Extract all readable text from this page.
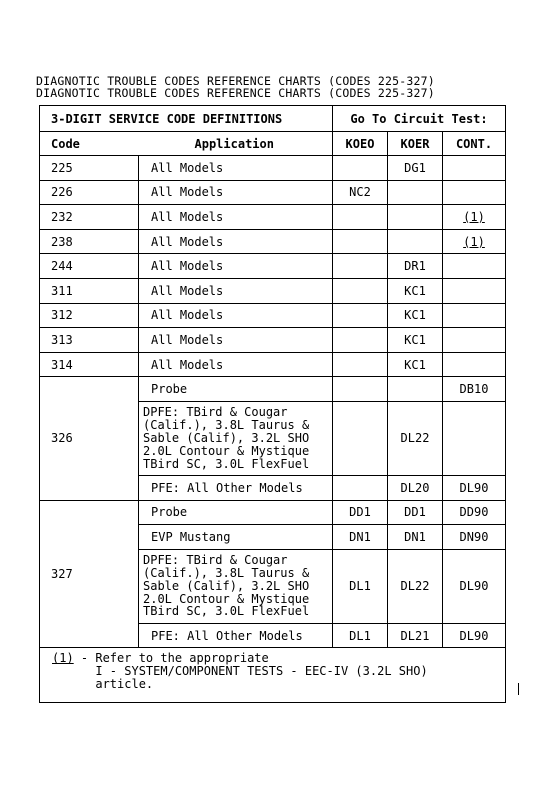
DIAGNOTIC TROUBLE CODES REFERENCE CHARTS (CODES 225-327)
DIAGNOTIC TROUBLE CODES REFERENCE CHARTS (CODES 225-327)
3-DIGIT SERVICE CODE DEFINITIONS		Go To Circuit Test:		
Code	Application	KOEO	KOER	CONT.
225	All Models		DG1	
226	All Models	NC2		
232	All Models			(1)
238	All Models			(1)
244	All Models		DR1	
311	All Models		KC1	
312	All Models		KC1	
313	All Models		KC1	
314	All Models		KC1	
326	Probe			DB10
	DPFE: TBird & Cougar
(Calif.), 3.8L Taurus &
Sable (Calif), 3.2L SHO
2.0L Contour & Mystique
TBird SC, 3.0L FlexFuel		DL22	
	PFE: All Other Models		DL20	DL90
327	Probe	DD1	DD1	DD90
	EVP Mustang	DN1	DN1	DN90
	DPFE: TBird & Cougar
(Calif.), 3.8L Taurus &
Sable (Calif), 3.2L SHO
2.0L Contour & Mystique
TBird SC, 3.0L FlexFuel	DL1	DL22	DL90
	PFE: All Other Models	DL1	DL21	DL90
(1) - Refer to the appropriate
I - SYSTEM/COMPONENT TESTS - EEC-IV (3.2L SHO)
article.				
